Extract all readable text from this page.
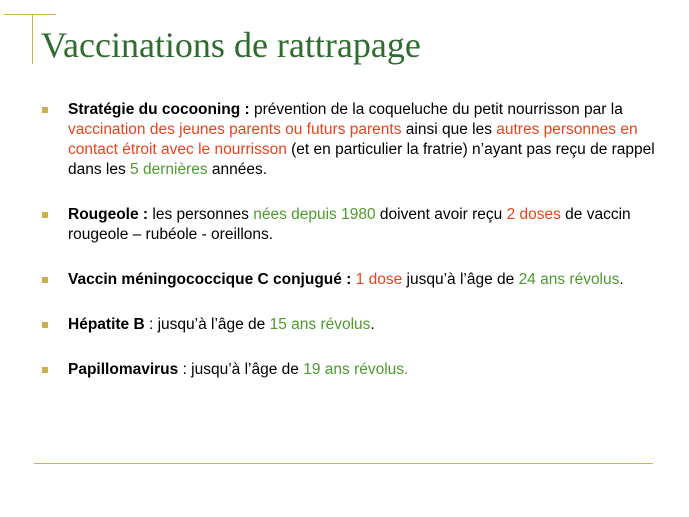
Vaccinations de rattrapage
Stratégie du cocooning : prévention de la coqueluche du petit nourrisson par la vaccination des jeunes parents ou futurs parents ainsi que les autres personnes en contact étroit avec le nourrisson (et en particulier la fratrie) n’ayant pas reçu de rappel dans les 5 dernières années.
Rougeole : les personnes nées depuis 1980 doivent avoir reçu 2 doses de vaccin rougeole – rubéole - oreillons.
Vaccin méningococcique C conjugué : 1 dose jusqu’à l’âge de 24 ans révolus.
Hépatite B : jusqu’à l’âge de 15 ans révolus.
Papillomavirus : jusqu’à l’âge de 19 ans révolus.
